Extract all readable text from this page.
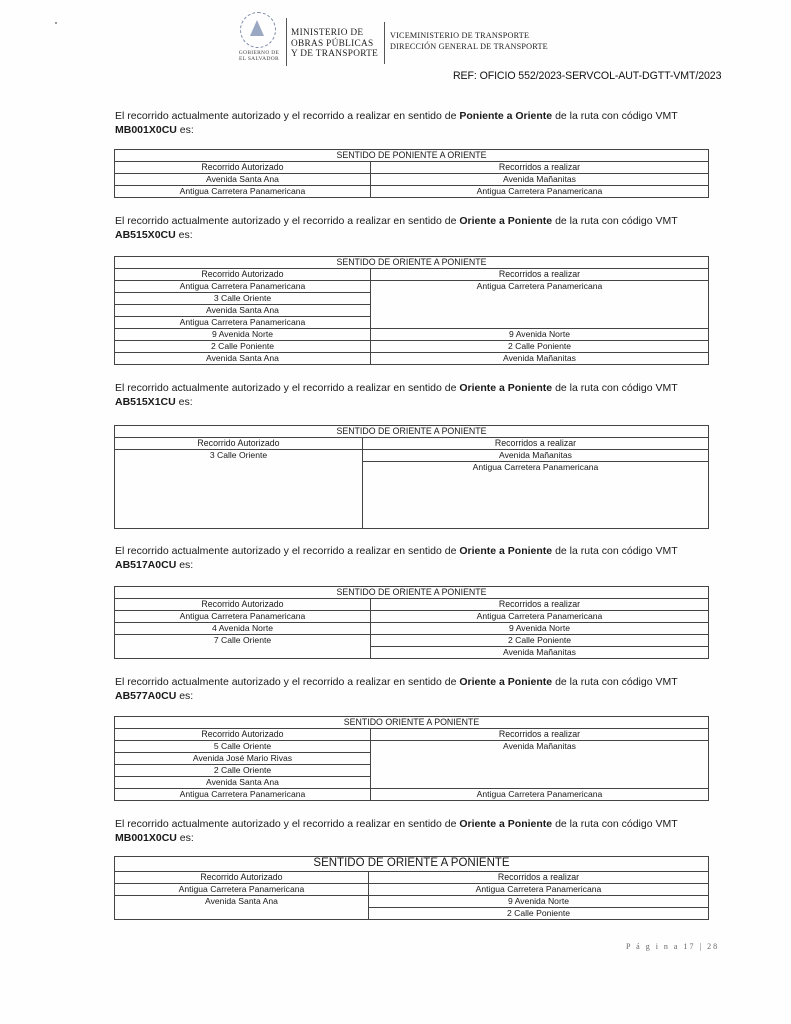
GOBIERNO DE
EL SALVADOR
MINISTERIO DE
OBRAS PÚBLICAS
Y DE TRANSPORTE
VICEMINISTERIO DE TRANSPORTE
DIRECCIÓN GENERAL DE TRANSPORTE
REF: OFICIO 552/2023-SERVCOL-AUT-DGTT-VMT/2023
El recorrido actualmente autorizado y el recorrido a realizar en sentido de Poniente a Oriente de la ruta con código VMT
MB001X0CU es:
SENTIDO DE PONIENTE A ORIENTE	
Recorrido Autorizado	Recorridos a realizar
Avenida Santa Ana	Avenida Mañanitas
Antigua Carretera Panamericana	Antigua Carretera Panamericana
El recorrido actualmente autorizado y el recorrido a realizar en sentido de Oriente a Poniente de la ruta con código VMT
AB515X0CU es:
SENTIDO DE ORIENTE A PONIENTE	
Recorrido Autorizado	Recorridos a realizar
Antigua Carretera Panamericana	Antigua Carretera Panamericana
3 Calle Oriente	
Avenida Santa Ana	
Antigua Carretera Panamericana	
9 Avenida Norte	9 Avenida Norte
2 Calle Poniente	2 Calle Poniente
Avenida Santa Ana	Avenida Mañanitas
El recorrido actualmente autorizado y el recorrido a realizar en sentido de Oriente a Poniente de la ruta con código VMT
AB515X1CU es:
SENTIDO DE ORIENTE A PONIENTE	
Recorrido Autorizado	Recorridos a realizar
3 Calle Oriente	Avenida Mañanitas
	Antigua Carretera Panamericana
El recorrido actualmente autorizado y el recorrido a realizar en sentido de Oriente a Poniente de la ruta con código VMT
AB517A0CU es:
SENTIDO DE ORIENTE A PONIENTE	
Recorrido Autorizado	Recorridos a realizar
Antigua Carretera Panamericana	Antigua Carretera Panamericana
4 Avenida Norte	9 Avenida Norte
7 Calle Oriente	2 Calle Poniente
	Avenida Mañanitas
El recorrido actualmente autorizado y el recorrido a realizar en sentido de Oriente a Poniente de la ruta con código VMT
AB577A0CU es:
SENTIDO ORIENTE A PONIENTE	
Recorrido Autorizado	Recorridos a realizar
5 Calle Oriente	Avenida Mañanitas
Avenida José Mario Rivas	
2 Calle Oriente	
Avenida Santa Ana	
Antigua Carretera Panamericana	Antigua Carretera Panamericana
El recorrido actualmente autorizado y el recorrido a realizar en sentido de Oriente a Poniente de la ruta con código VMT
MB001X0CU es:
SENTIDO DE ORIENTE A PONIENTE	
Recorrido Autorizado	Recorridos a realizar
Antigua Carretera Panamericana	Antigua Carretera Panamericana
Avenida Santa Ana	9 Avenida Norte
	2 Calle Poniente
P á g i n a 17 | 28
